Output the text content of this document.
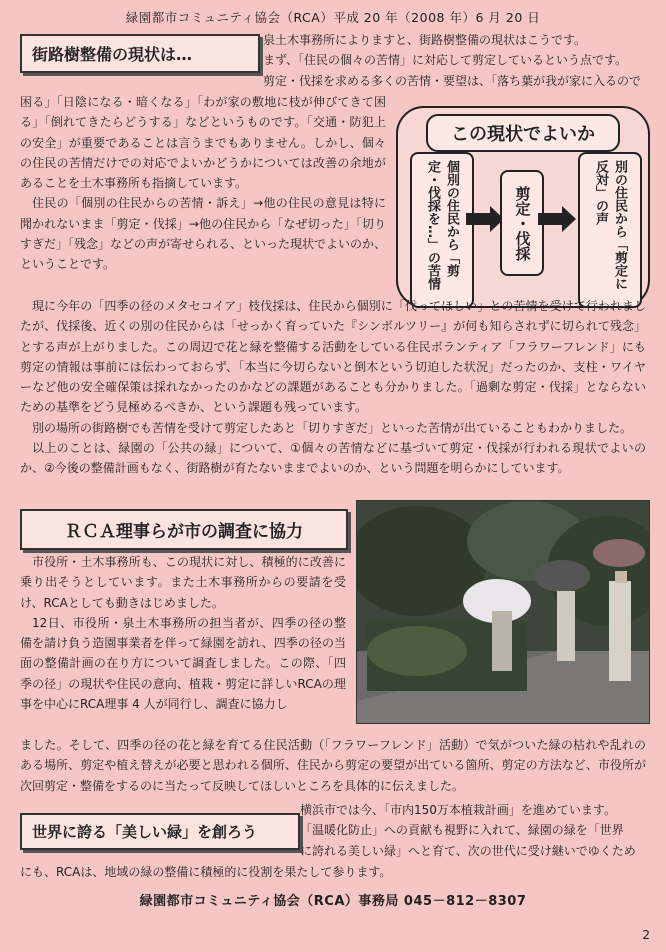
緑園都市コミュニティ協会（RCA）平成 20 年（2008 年）6 月 20 日
街路樹整備の現状は…

泉土木事務所によりますと、街路樹整備の現状はこうです。

まず、「住民の個々の苦情」に対応して剪定しているという点です。

剪定・伐採を求める多くの苦情・要望は、「落ち葉が我が家に入るので

困る」「日陰になる・暗くなる」「わが家の敷地に枝が伸びてきて困る」「倒れてきたらどうする」などというものです。「交通・防犯上の安全」が重要であることは言うまでもありません。しかし、個々の住民の苦情だけでの対応でよいかどうかについては改善の余地があることを土木事務所も指摘しています。

住民の「個別の住民からの苦情・訴え」→他の住民の意見は特に聞かれないまま「剪定・伐採」→他の住民から「なぜ切った」「切りすぎだ」「残念」などの声が寄せられる、といった現状でよいのか、ということです。

この現状でよいか
個別の住民から「剪定・伐採を…」の苦情	剪定・伐採	別の住民から「剪定に反対」の声

現に今年の「四季の径のメタセコイア」枝伐採は、住民から個別に「伐ってほしい」との苦情を受けて行われましたが、伐採後、近くの別の住民からは「せっかく育っていた『シンボルツリー』が何も知らされずに切られて残念」とする声が上がりました。この周辺で花と緑を整備する活動をしている住民ボランティア「フラワーフレンド」にも剪定の情報は事前には伝わっておらず、「本当に今切らないと倒木という切迫した状況」だったのか、支柱・ワイヤーなど他の安全確保策は採れなかったのかなどの課題があることも分かりました。「過剰な剪定・伐採」とならないための基準をどう見極めるべきか、という課題も残っています。

別の場所の街路樹でも苦情を受けて剪定したあと「切りすぎだ」といった苦情が出ていることもわかりました。

以上のことは、緑園の「公共の緑」について、①個々の苦情などに基づいて剪定・伐採が行われる現状でよいのか、②今後の整備計画もなく、街路樹が育たないままでよいのか、という問題を明らかにしています。

ＲＣＡ理事らが市の調査に協力

市役所・土木事務所も、この現状に対し、積極的に改善に乗り出そうとしています。また土木事務所からの要請を受け、RCAとしても動きはじめました。

12日、市役所・泉土木事務所の担当者が、四季の径の整備を請け負う造園事業者を伴って緑園を訪れ、四季の径の当面の整備計画の在り方について調査しました。この際、「四季の径」の現状や住民の意向、植栽・剪定に詳しいRCAの理事を中心にRCA理事 4 人が同行し、調査に協力し

ました。そして、四季の径の花と緑を育てる住民活動（「フラワーフレンド」活動）で気がついた緑の枯れや乱れのある場所、剪定や植え替えが必要と思われる個所、住民から剪定の要望が出ている箇所、剪定の方法など、市役所が次回剪定・整備をするのに当たって反映してほしいところを具体的に伝えました。

世界に誇る「美しい緑」を創ろう

横浜市では今、「市内150万本植栽計画」を進めています。

「温暖化防止」への貢献も視野に入れて、緑園の緑を「世界

に誇れる美しい緑」へと育て、次の世代に受け継いでゆくため

にも、RCAは、地域の緑の整備に積極的に役割を果たして参ります。

緑園都市コミュニティ協会（RCA）事務局 045－812－8307
2
